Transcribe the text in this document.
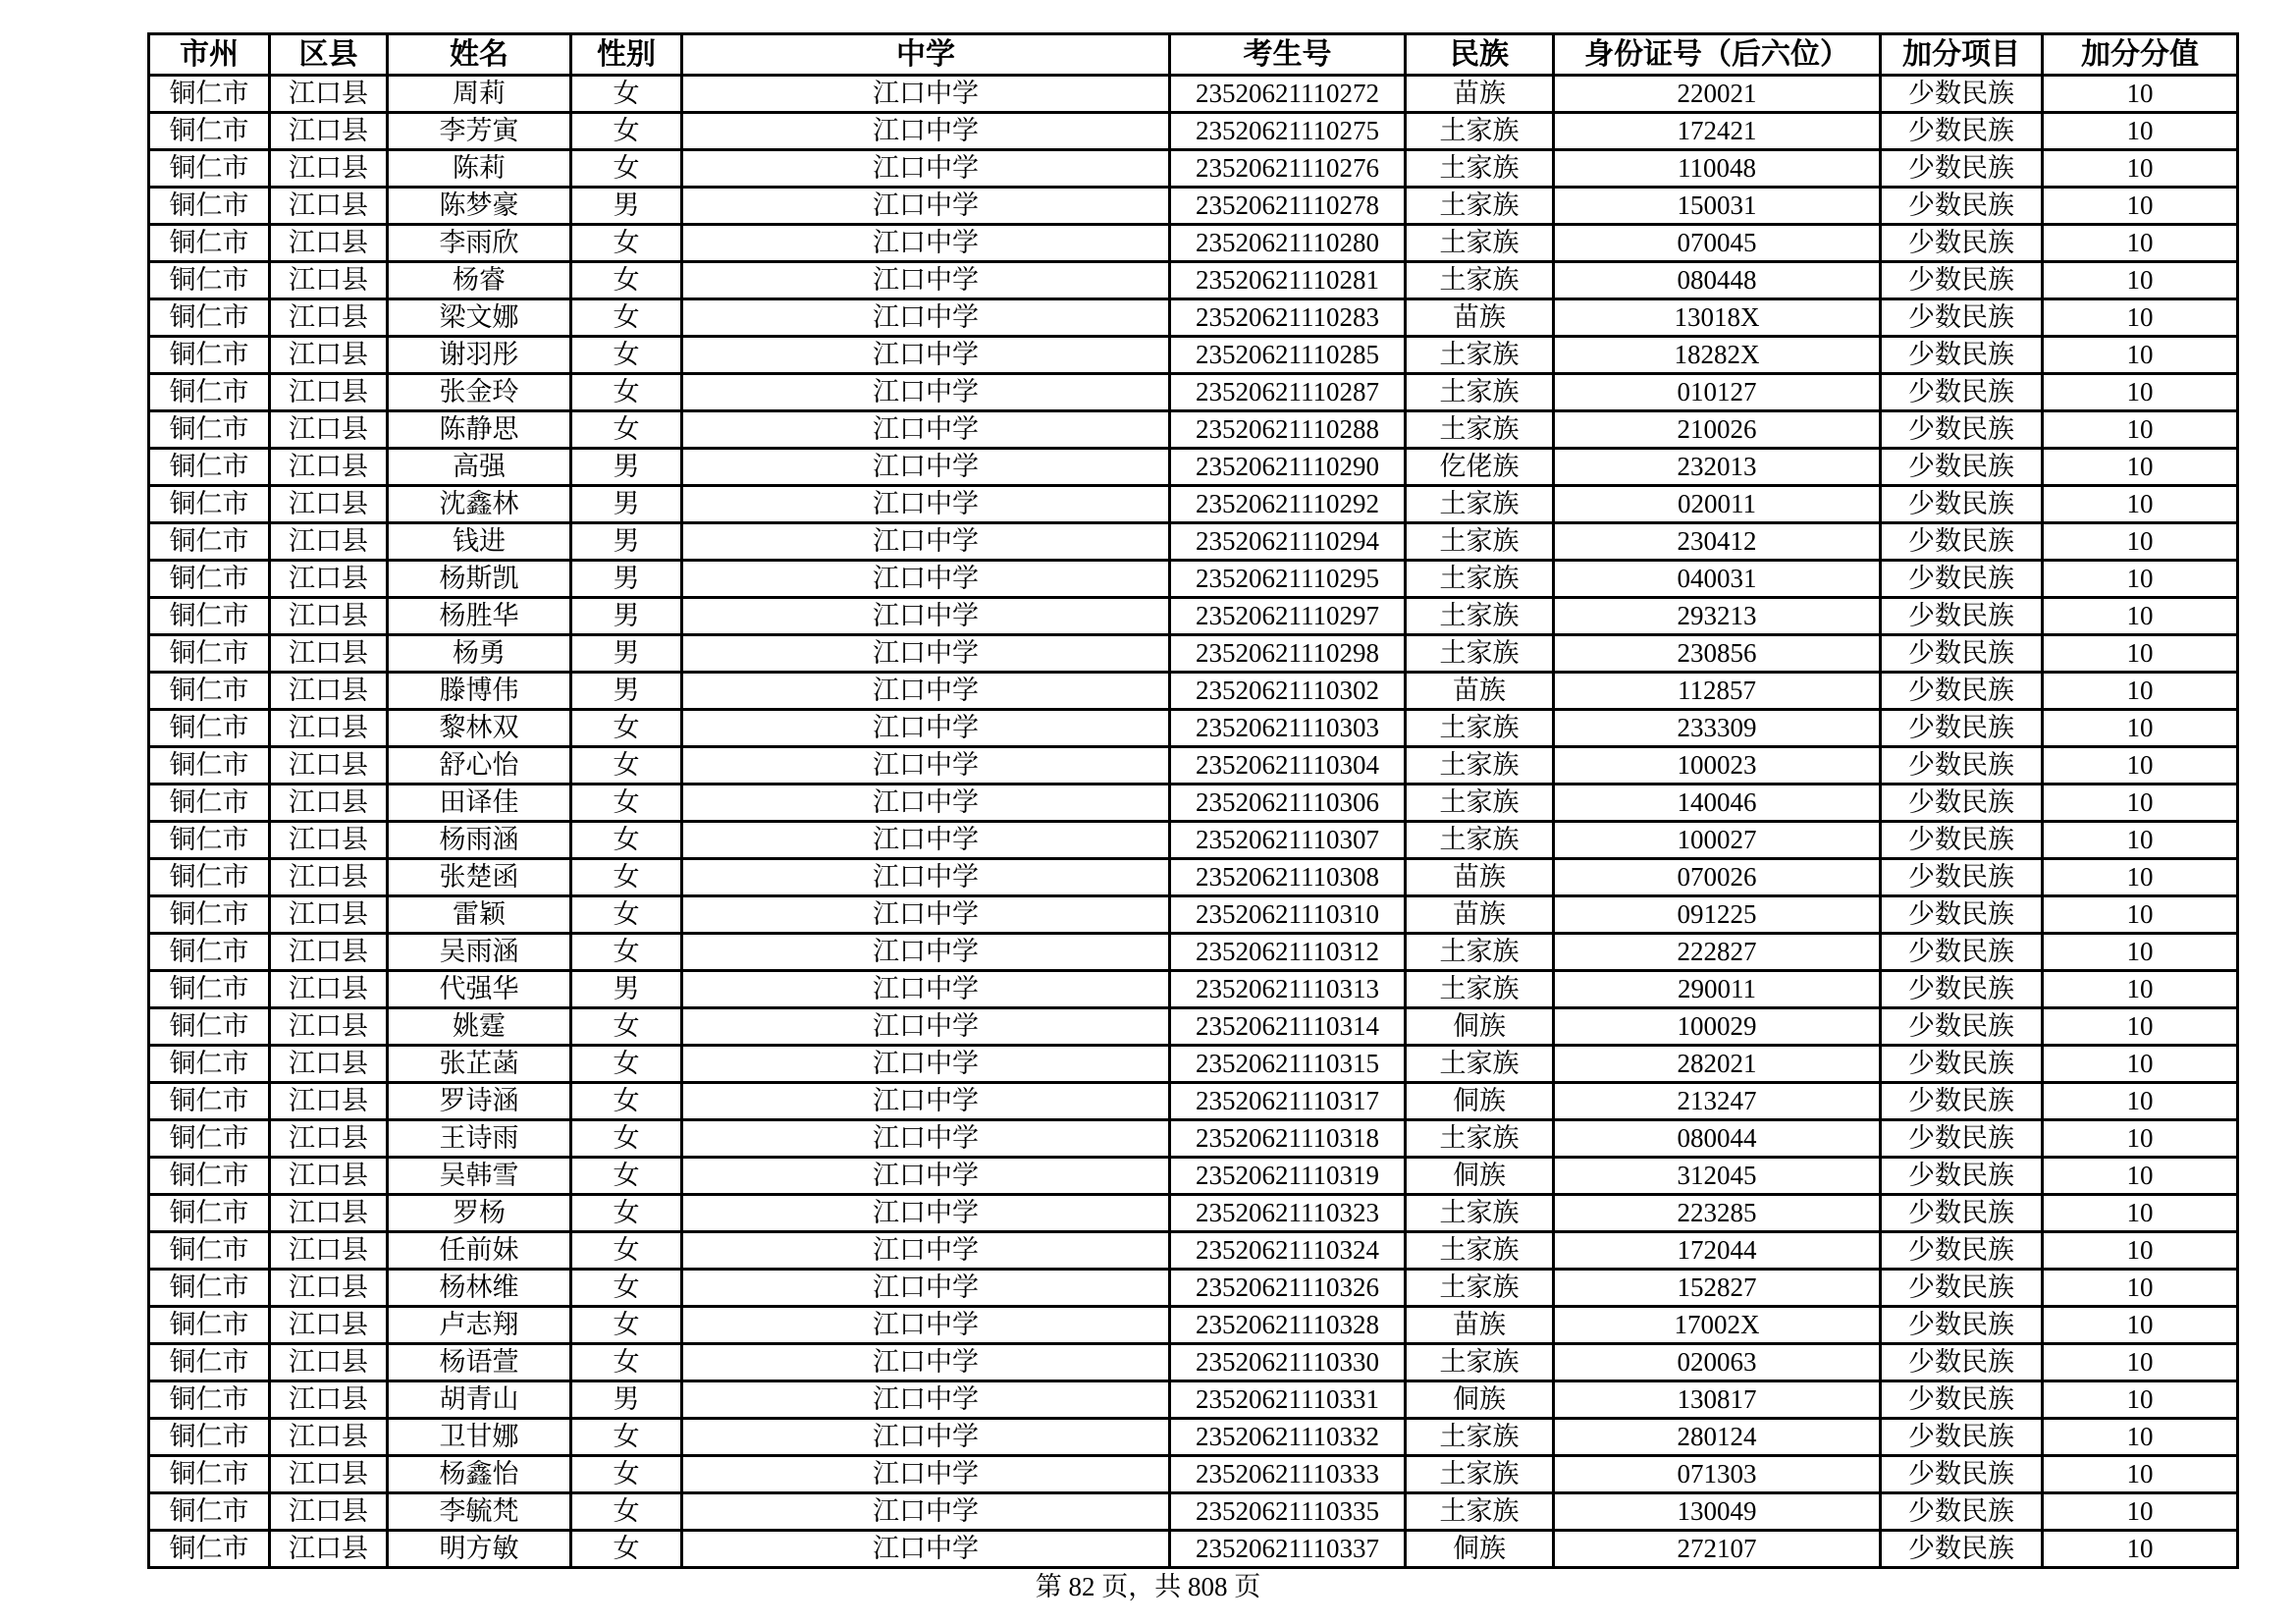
市州	区县	姓名	性别	中学	考生号	民族	身份证号（后六位）	加分项目	加分分值
铜仁市	江口县	周莉	女	江口中学	23520621110272	苗族	220021	少数民族	10
铜仁市	江口县	李芳寅	女	江口中学	23520621110275	土家族	172421	少数民族	10
铜仁市	江口县	陈莉	女	江口中学	23520621110276	土家族	110048	少数民族	10
铜仁市	江口县	陈梦豪	男	江口中学	23520621110278	土家族	150031	少数民族	10
铜仁市	江口县	李雨欣	女	江口中学	23520621110280	土家族	070045	少数民族	10
铜仁市	江口县	杨睿	女	江口中学	23520621110281	土家族	080448	少数民族	10
铜仁市	江口县	梁文娜	女	江口中学	23520621110283	苗族	13018X	少数民族	10
铜仁市	江口县	谢羽彤	女	江口中学	23520621110285	土家族	18282X	少数民族	10
铜仁市	江口县	张金玲	女	江口中学	23520621110287	土家族	010127	少数民族	10
铜仁市	江口县	陈静思	女	江口中学	23520621110288	土家族	210026	少数民族	10
铜仁市	江口县	高强	男	江口中学	23520621110290	仡佬族	232013	少数民族	10
铜仁市	江口县	沈鑫林	男	江口中学	23520621110292	土家族	020011	少数民族	10
铜仁市	江口县	钱进	男	江口中学	23520621110294	土家族	230412	少数民族	10
铜仁市	江口县	杨斯凯	男	江口中学	23520621110295	土家族	040031	少数民族	10
铜仁市	江口县	杨胜华	男	江口中学	23520621110297	土家族	293213	少数民族	10
铜仁市	江口县	杨勇	男	江口中学	23520621110298	土家族	230856	少数民族	10
铜仁市	江口县	滕博伟	男	江口中学	23520621110302	苗族	112857	少数民族	10
铜仁市	江口县	黎林双	女	江口中学	23520621110303	土家族	233309	少数民族	10
铜仁市	江口县	舒心怡	女	江口中学	23520621110304	土家族	100023	少数民族	10
铜仁市	江口县	田译佳	女	江口中学	23520621110306	土家族	140046	少数民族	10
铜仁市	江口县	杨雨涵	女	江口中学	23520621110307	土家族	100027	少数民族	10
铜仁市	江口县	张楚函	女	江口中学	23520621110308	苗族	070026	少数民族	10
铜仁市	江口县	雷颖	女	江口中学	23520621110310	苗族	091225	少数民族	10
铜仁市	江口县	吴雨涵	女	江口中学	23520621110312	土家族	222827	少数民族	10
铜仁市	江口县	代强华	男	江口中学	23520621110313	土家族	290011	少数民族	10
铜仁市	江口县	姚霆	女	江口中学	23520621110314	侗族	100029	少数民族	10
铜仁市	江口县	张芷菡	女	江口中学	23520621110315	土家族	282021	少数民族	10
铜仁市	江口县	罗诗涵	女	江口中学	23520621110317	侗族	213247	少数民族	10
铜仁市	江口县	王诗雨	女	江口中学	23520621110318	土家族	080044	少数民族	10
铜仁市	江口县	吴韩雪	女	江口中学	23520621110319	侗族	312045	少数民族	10
铜仁市	江口县	罗杨	女	江口中学	23520621110323	土家族	223285	少数民族	10
铜仁市	江口县	任前妹	女	江口中学	23520621110324	土家族	172044	少数民族	10
铜仁市	江口县	杨林维	女	江口中学	23520621110326	土家族	152827	少数民族	10
铜仁市	江口县	卢志翔	女	江口中学	23520621110328	苗族	17002X	少数民族	10
铜仁市	江口县	杨语萱	女	江口中学	23520621110330	土家族	020063	少数民族	10
铜仁市	江口县	胡青山	男	江口中学	23520621110331	侗族	130817	少数民族	10
铜仁市	江口县	卫甘娜	女	江口中学	23520621110332	土家族	280124	少数民族	10
铜仁市	江口县	杨鑫怡	女	江口中学	23520621110333	土家族	071303	少数民族	10
铜仁市	江口县	李毓梵	女	江口中学	23520621110335	土家族	130049	少数民族	10
铜仁市	江口县	明方敏	女	江口中学	23520621110337	侗族	272107	少数民族	10
第 82 页，共 808 页
